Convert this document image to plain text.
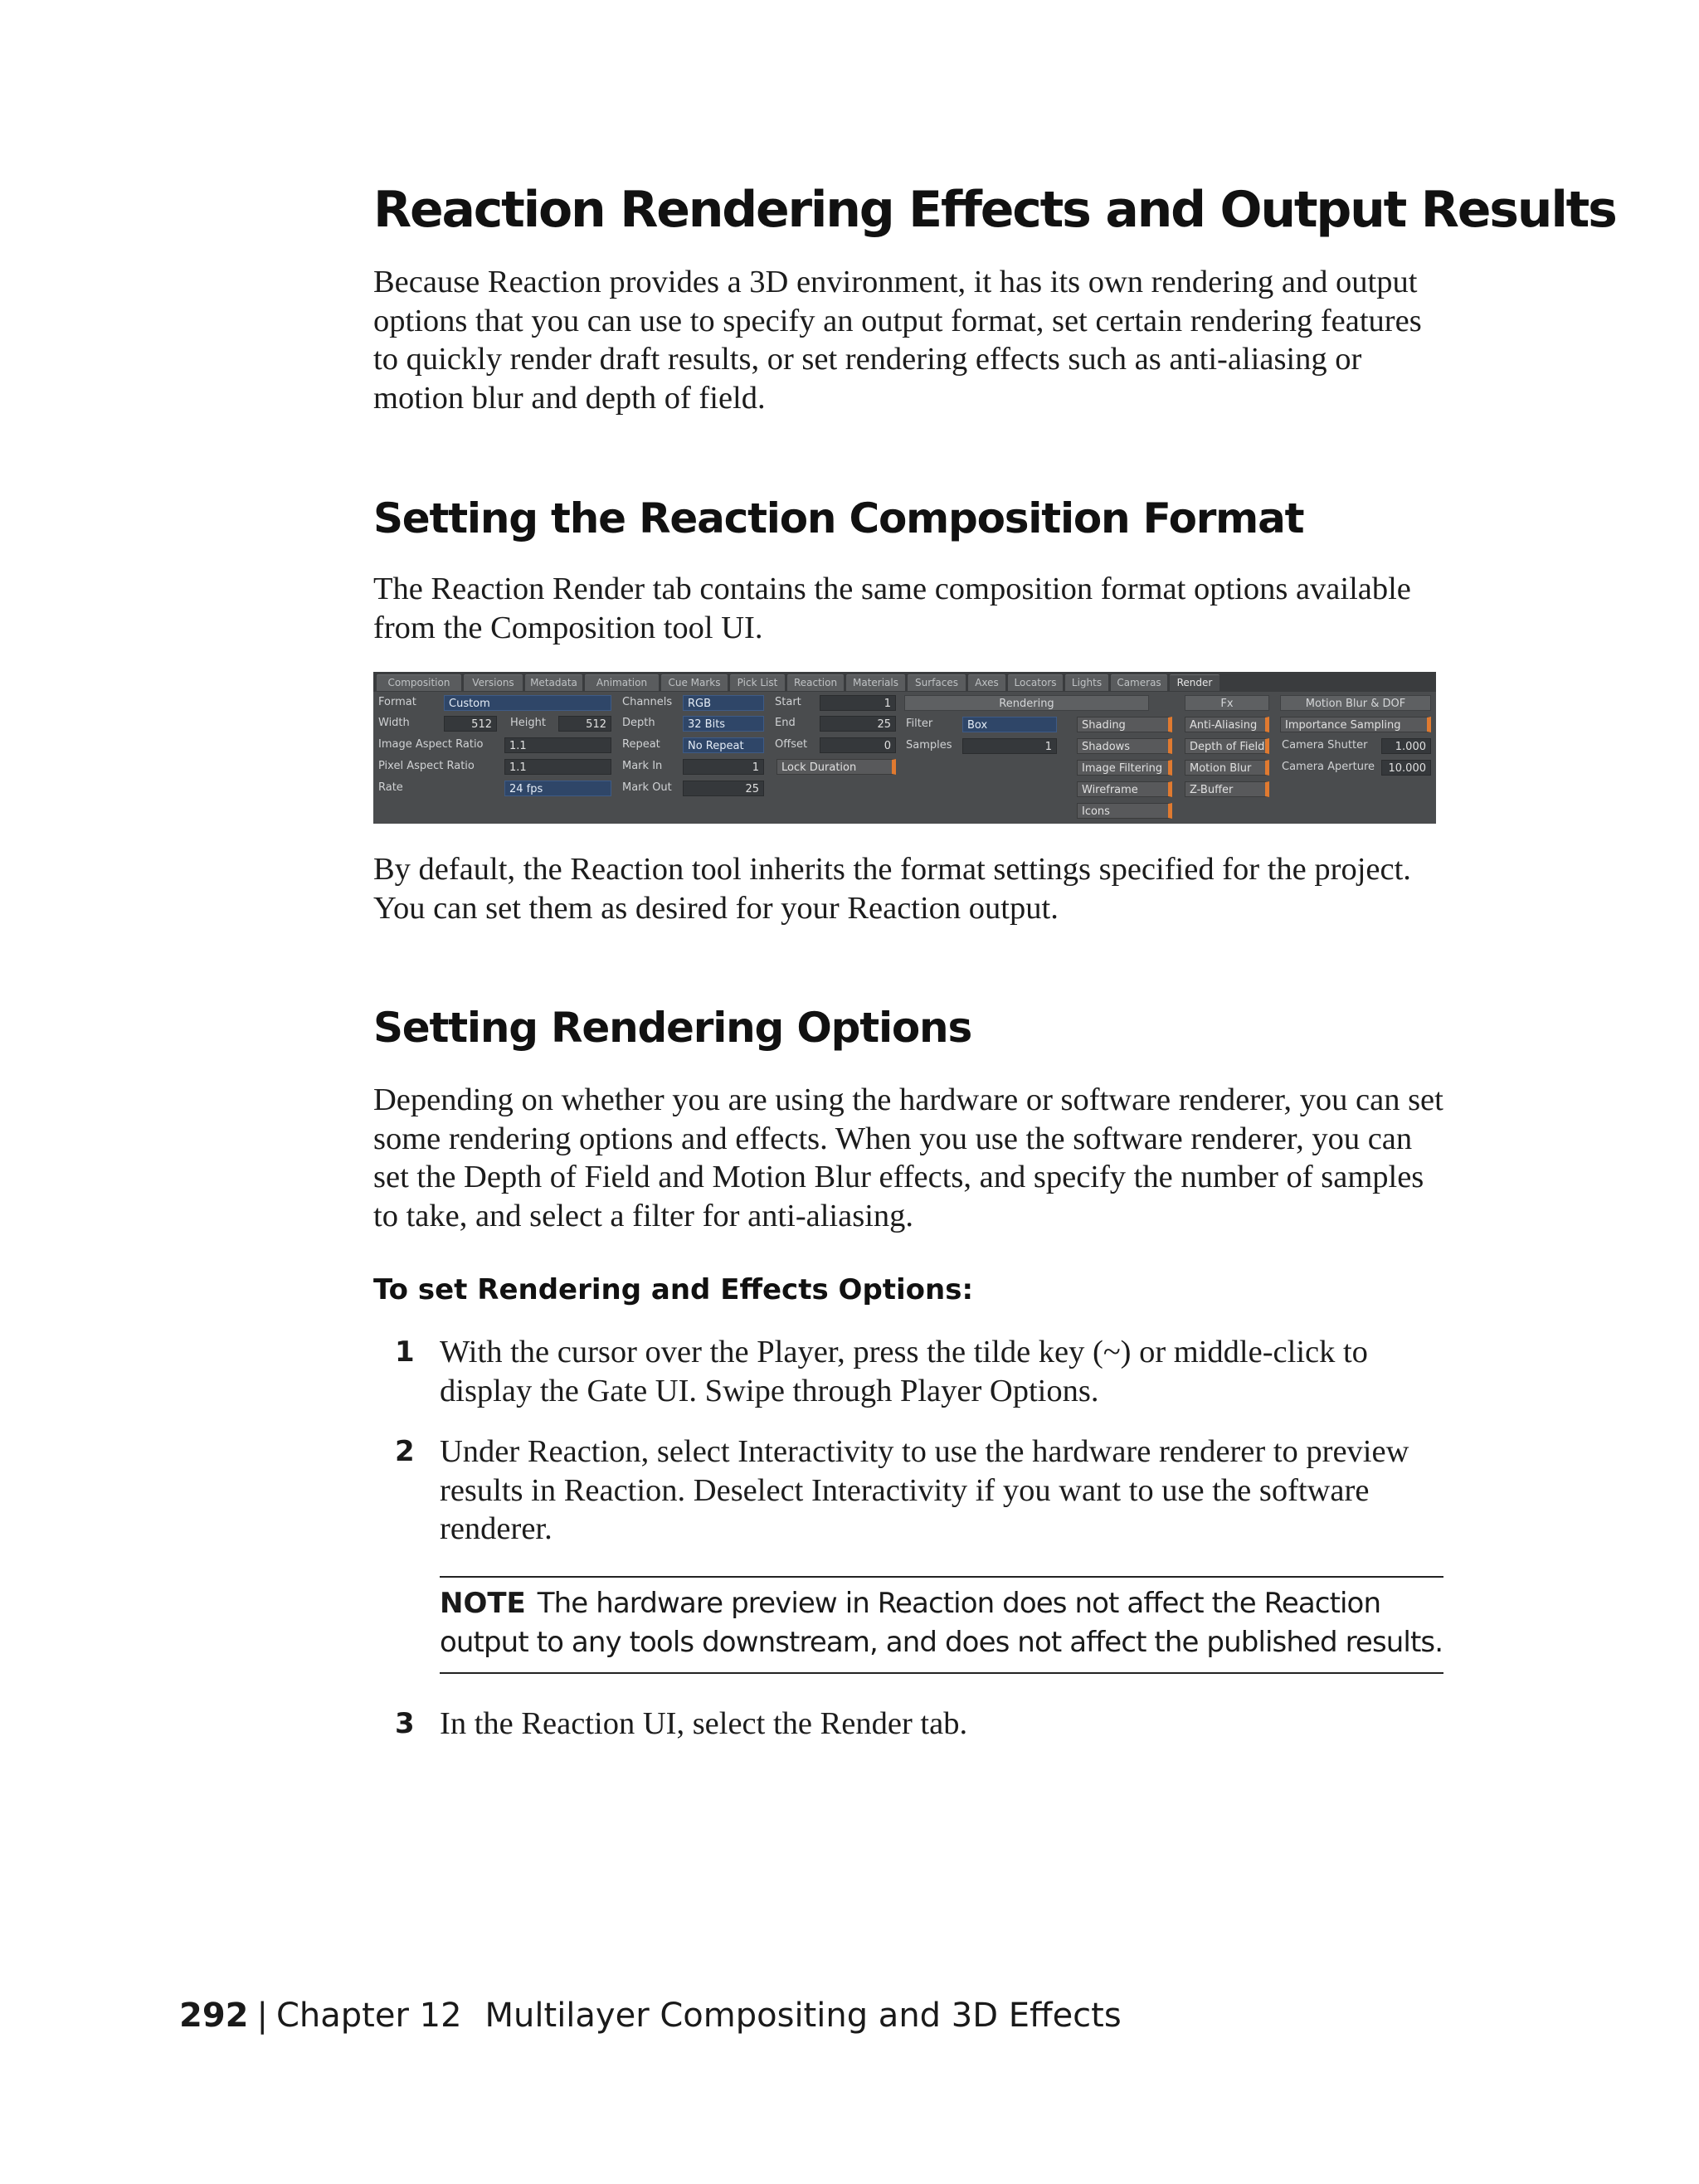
Reaction Rendering Effects and Output Results

Because Reaction provides a 3D environment, it has its own rendering and output options that you can use to specify an output format, set certain rendering features to quickly render draft results, or set rendering effects such as anti-aliasing or motion blur and depth of field.

Setting the Reaction Composition Format

The Reaction Render tab contains the same composition format options available from the Composition tool UI.

Composition	Versions	Metadata	Animation	Cue Marks	Pick List	Reaction	Materials	Surfaces	Axes	Locators	Lights	Cameras	Render
Format	Custom
Width	512	Height	512
Image Aspect Ratio	1.1
Pixel Aspect Ratio	1.1
Rate	24 fps
Channels	RGB
Depth	32 Bits
Repeat	No Repeat
Mark In	1
Mark Out	25
Start	1
End	25
Offset	0
Lock Duration
Rendering
Filter	Box
Samples	1
Shading
Shadows
Image Filtering
Wireframe
Icons
Fx
Anti-Aliasing
Depth of Field
Motion Blur
Z-Buffer
Motion Blur & DOF
Importance Sampling
Camera Shutter	1.000
Camera Aperture	10.000

By default, the Reaction tool inherits the format settings specified for the project. You can set them as desired for your Reaction output.

Setting Rendering Options

Depending on whether you are using the hardware or software renderer, you can set some rendering options and effects. When you use the software renderer, you can set the Depth of Field and Motion Blur effects, and specify the number of samples to take, and select a filter for anti-aliasing.

To set Rendering and Effects Options:
1 With the cursor over the Player, press the tilde key (~) or middle-click to display the Gate UI. Swipe through Player Options.
2 Under Reaction, select Interactivity to use the hardware renderer to preview results in Reaction. Deselect Interactivity if you want to use the software renderer.
NOTE The hardware preview in Reaction does not affect the Reaction output to any tools downstream, and does not affect the published results.
3 In the Reaction UI, select the Render tab.
292 | Chapter 12 Multilayer Compositing and 3D Effects
